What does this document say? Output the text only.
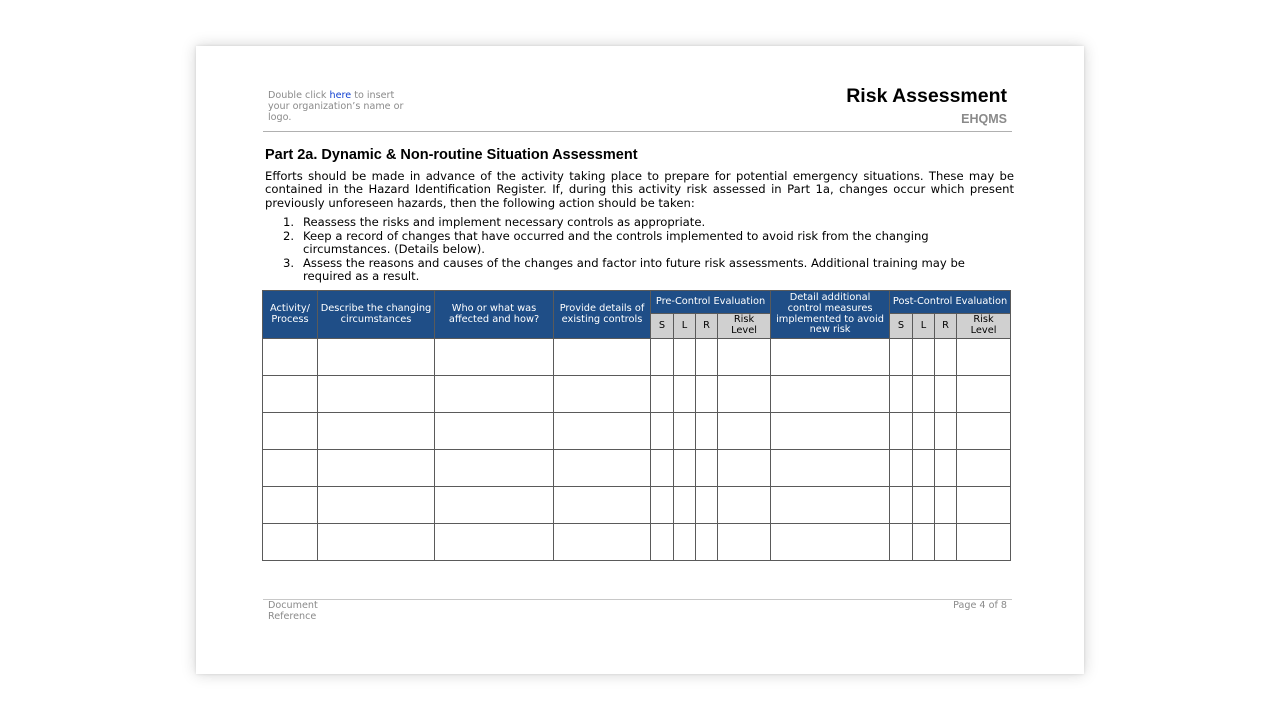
Double click here to insert your organization’s name or logo.
Risk Assessment
EHQMS
Part 2a. Dynamic & Non-routine Situation Assessment

Efforts should be made in advance of the activity taking place to prepare for potential emergency situations. These may be contained in the Hazard Identification Register. If, during this activity risk assessed in Part 1a, changes occur which present previously unforeseen hazards, then the following action should be taken:

1. Reassess the risks and implement necessary controls as appropriate.
2. Keep a record of changes that have occurred and the controls implemented to avoid risk from the changing circumstances. (Details below).
3. Assess the reasons and causes of the changes and factor into future risk assessments. Additional training may be required as a result.
Activity/ Process	Describe the changing circumstances	Who or what was affected and how?	Provide details of existing controls	Pre-Control Evaluation				Detail additional control measures implemented to avoid new risk	Post-Control Evaluation			
				S	L	R	Risk Level		S	L	R	Risk Level

Document Reference
Page 4 of 8
